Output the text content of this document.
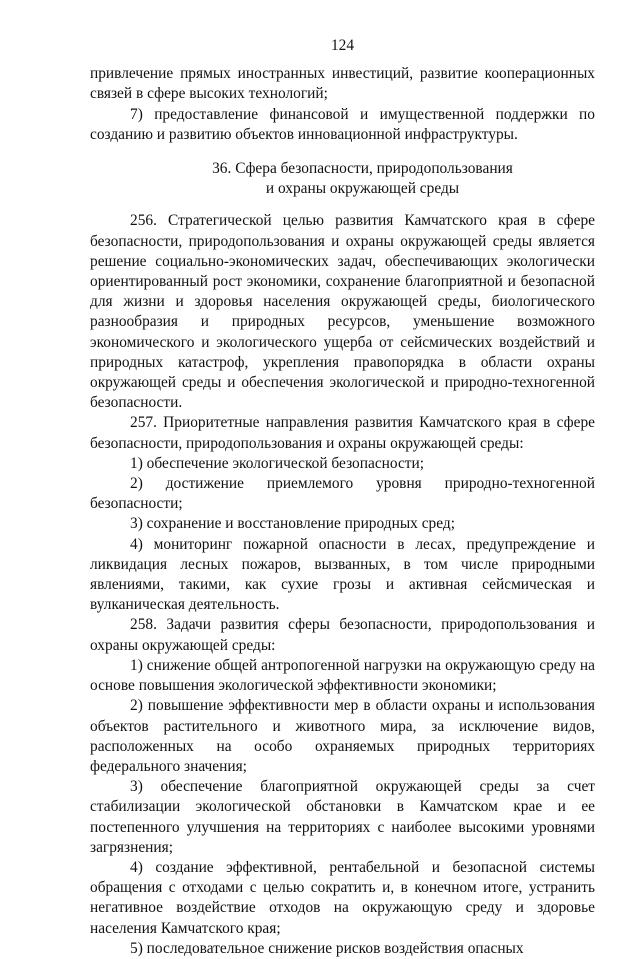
124

привлечение прямых иностранных инвестиций, развитие кооперационных связей в сфере высоких технологий;

7) предоставление финансовой и имущественной поддержки по созданию и развитию объектов инновационной инфраструктуры.

36. Сфера безопасности, природопользования
и охраны окружающей среды

256. Стратегической целью развития Камчатского края в сфере безопасности, природопользования и охраны окружающей среды является решение социально-экономических задач, обеспечивающих экологически ориентированный рост экономики, сохранение благоприятной и безопасной для жизни и здоровья населения окружающей среды, биологического разнообразия и природных ресурсов, уменьшение возможного экономического и экологического ущерба от сейсмических воздействий и природных катастроф, укрепления правопорядка в области охраны окружающей среды и обеспечения экологической и природно-техногенной безопасности.

257. Приоритетные направления развития Камчатского края в сфере безопасности, природопользования и охраны окружающей среды:

1) обеспечение экологической безопасности;

2) достижение приемлемого уровня природно-техногенной безопасности;

3) сохранение и восстановление природных сред;

4) мониторинг пожарной опасности в лесах, предупреждение и ликвидация лесных пожаров, вызванных, в том числе природными явлениями, такими, как сухие грозы и активная сейсмическая и вулканическая деятельность.

258. Задачи развития сферы безопасности, природопользования и охраны окружающей среды:

1) снижение общей антропогенной нагрузки на окружающую среду на основе повышения экологической эффективности экономики;

2) повышение эффективности мер в области охраны и использования объектов растительного и животного мира, за исключение видов, расположенных на особо охраняемых природных территориях федерального значения;

3) обеспечение благоприятной окружающей среды за счет стабилизации экологической обстановки в Камчатском крае и ее постепенного улучшения на территориях с наиболее высокими уровнями загрязнения;

4) создание эффективной, рентабельной и безопасной системы обращения с отходами с целью сократить и, в конечном итоге, устранить негативное воздействие отходов на окружающую среду и здоровье населения Камчатского края;

5) последовательное снижение рисков воздействия опасных
